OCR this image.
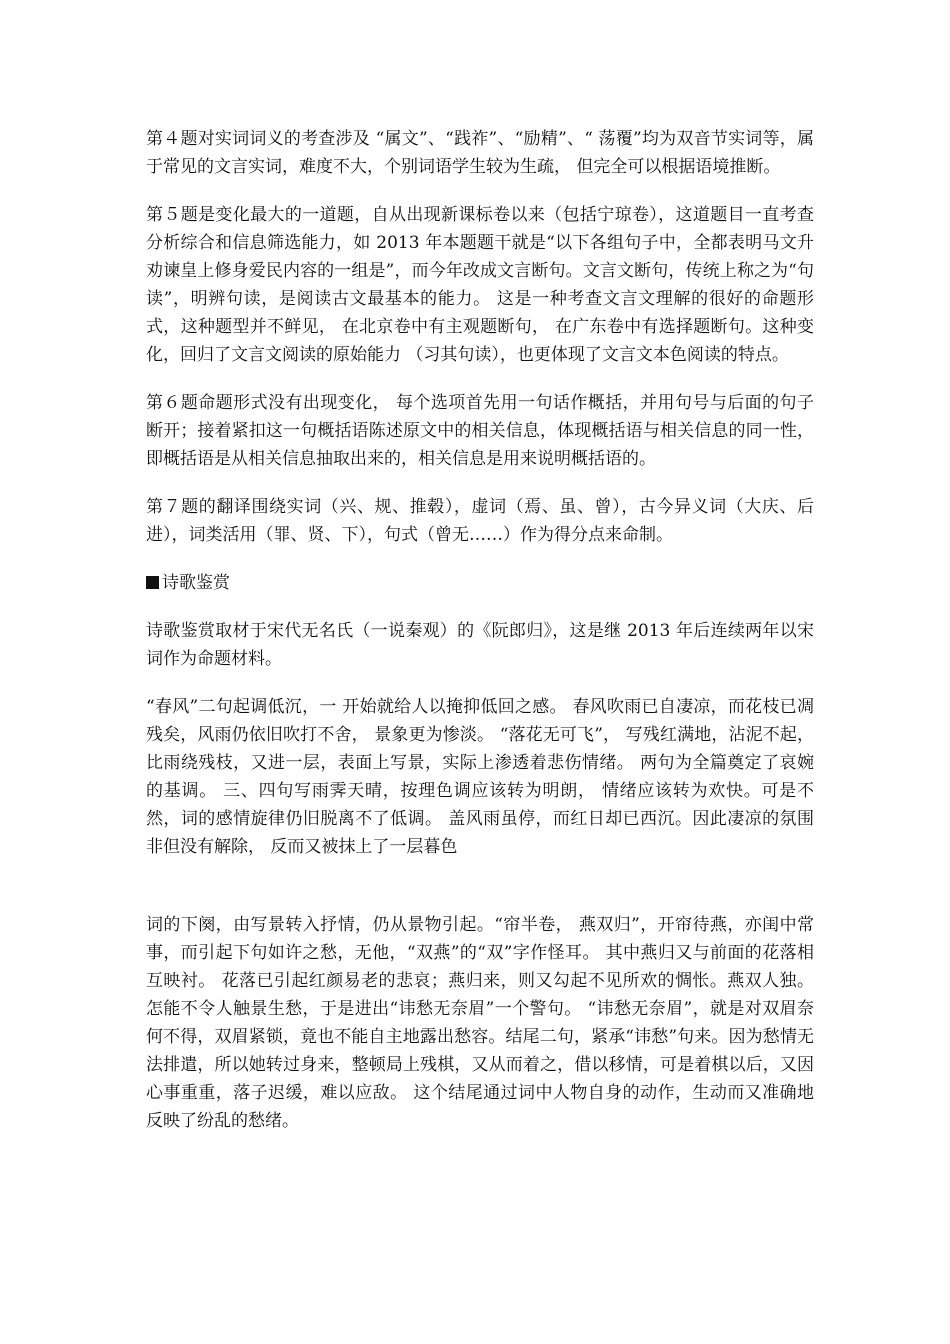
第４题对实词词义的考查涉及 “属文”、“践祚”、“励精”、“ 荡覆”均为双音节实词等，属于常见的文言实词，难度不大，个别词语学生较为生疏， 但完全可以根据语境推断。

第５题是变化最大的一道题，自从出现新课标卷以来（包括宁琼卷），这道题目一直考查分析综合和信息筛选能力，如 2013 年本题题干就是“以下各组句子中，全都表明马文升劝谏皇上修身爱民内容的一组是”，而今年改成文言断句。文言文断句，传统上称之为“句读”，明辨句读，是阅读古文最基本的能力。 这是一种考查文言文理解的很好的命题形式，这种题型并不鲜见， 在北京卷中有主观题断句， 在广东卷中有选择题断句。这种变化，回归了文言文阅读的原始能力 （习其句读），也更体现了文言文本色阅读的特点。

第６题命题形式没有出现变化， 每个选项首先用一句话作概括，并用句号与后面的句子断开；接着紧扣这一句概括语陈述原文中的相关信息，体现概括语与相关信息的同一性，即概括语是从相关信息抽取出来的，相关信息是用来说明概括语的。

第７题的翻译围绕实词（兴、规、推毂），虚词（焉、虽、曾），古今异义词（大庆、后进），词类活用（罪、贤、下），句式（曾无……）作为得分点来命制。

诗歌鉴赏

诗歌鉴赏取材于宋代无名氏（一说秦观）的《阮郎归》，这是继 2013 年后连续两年以宋词作为命题材料。

“春风”二句起调低沉，一 开始就给人以掩抑低回之感。 春风吹雨已自凄凉，而花枝已凋残矣，风雨仍依旧吹打不舍， 景象更为惨淡。 “落花无可飞”， 写残红满地，沾泥不起，比雨绕残枝，又进一层，表面上写景，实际上渗透着悲伤情绪。 两句为全篇奠定了哀婉的基调。 三、四句写雨霁天晴，按理色调应该转为明朗， 情绪应该转为欢快。可是不然，词的感情旋律仍旧脱离不了低调。 盖风雨虽停，而红日却已西沉。因此凄凉的氛围非但没有解除， 反而又被抹上了一层暮色

词的下阕，由写景转入抒情，仍从景物引起。“帘半卷， 燕双归”，开帘待燕，亦闺中常事，而引起下句如许之愁，无他，“双燕”的“双”字作怪耳。 其中燕归又与前面的花落相互映衬。 花落已引起红颜易老的悲哀；燕归来，则又勾起不见所欢的惆怅。燕双人独。怎能不令人触景生愁，于是进出“讳愁无奈眉”一个警句。 “讳愁无奈眉”，就是对双眉奈何不得，双眉紧锁，竟也不能自主地露出愁容。结尾二句，紧承“讳愁”句来。因为愁情无法排遣，所以她转过身来，整顿局上残棋，又从而着之，借以移情，可是着棋以后，又因心事重重，落子迟缓，难以应敌。 这个结尾通过词中人物自身的动作，生动而又准确地反映了纷乱的愁绪。
